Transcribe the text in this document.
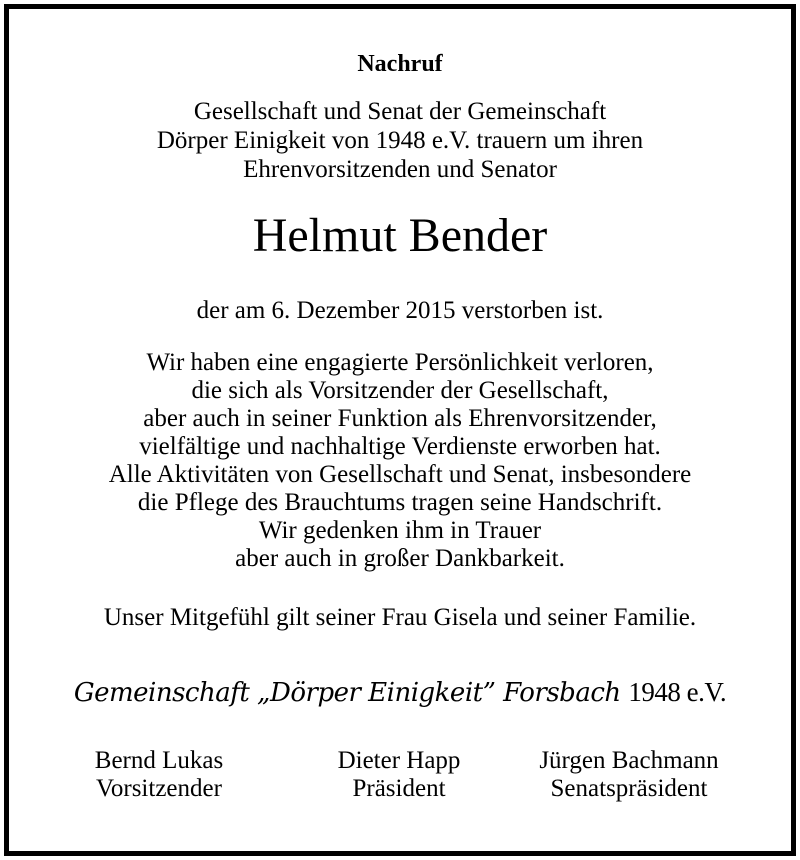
Nachruf
Gesellschaft und Senat der Gemeinschaft
Dörper Einigkeit von 1948 e.V. trauern um ihren
Ehrenvorsitzenden und Senator
Helmut Bender
der am 6. Dezember 2015 verstorben ist.
Wir haben eine engagierte Persönlichkeit verloren,
die sich als Vorsitzender der Gesellschaft,
aber auch in seiner Funktion als Ehrenvorsitzender,
vielfältige und nachhaltige Verdienste erworben hat.
Alle Aktivitäten von Gesellschaft und Senat, insbesondere
die Pflege des Brauchtums tragen seine Handschrift.
Wir gedenken ihm in Trauer
aber auch in großer Dankbarkeit.
Unser Mitgefühl gilt seiner Frau Gisela und seiner Familie.
Gemeinschaft „Dörper Einigkeit” Forsbach 1948 e.V.
Bernd Lukas
Vorsitzender
Dieter Happ
Präsident
Jürgen Bachmann
Senatspräsident
